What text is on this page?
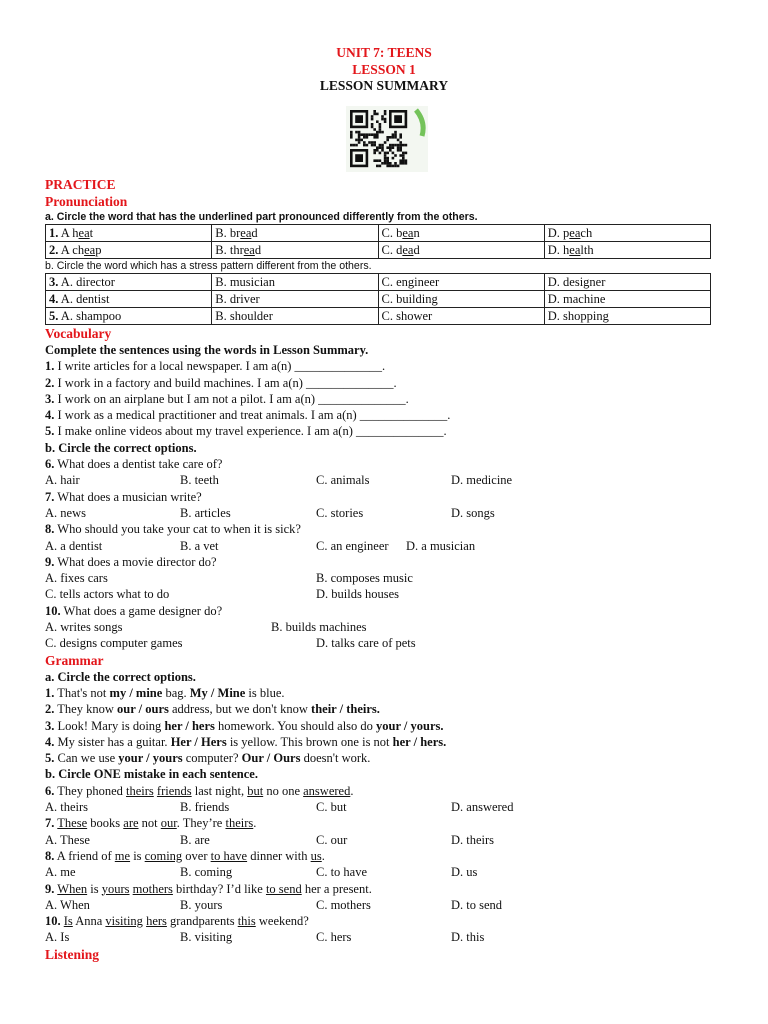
UNIT 7: TEENS
LESSON 1
LESSON SUMMARY
PRACTICE
Pronunciation
a. Circle the word that has the underlined part pronounced differently from the others.
1. A heat	B. bread	C. bean	D. peach
2. A cheap	B. thread	C. dead	D. health
b. Circle the word which has a stress pattern different from the others.
3. A. director	B. musician	C. engineer	D. designer
4. A. dentist	B. driver	C. building	D. machine
5. A. shampoo	B. shoulder	C. shower	D. shopping
Vocabulary
Complete the sentences using the words in Lesson Summary.
1. I write articles for a local newspaper. I am a(n) ______________.
2. I work in a factory and build machines. I am a(n) ______________.
3. I work on an airplane but I am not a pilot. I am a(n) ______________.
4. I work as a medical practitioner and treat animals. I am a(n) ______________.
5. I make online videos about my travel experience. I am a(n) ______________.
b. Circle the correct options.
6. What does a dentist take care of?
A. hair	B. teeth	C. animals	D. medicine
7. What does a musician write?
A. news	B. articles	C. stories	D. songs
8. Who should you take your cat to when it is sick?
A. a dentist	B. a vet	C. an engineer D. a musician
9. What does a movie director do?
A. fixes cars	B. composes music
C. tells actors what to do	D. builds houses
10. What does a game designer do?
A. writes songs	B. builds machines
C. designs computer games	D. talks care of pets
Grammar
a. Circle the correct options.
1. That's not my / mine bag. My / Mine is blue.
2. They know our / ours address, but we don't know their / theirs.
3. Look! Mary is doing her / hers homework. You should also do your / yours.
4. My sister has a guitar. Her / Hers is yellow. This brown one is not her / hers.
5. Can we use your / yours computer? Our / Ours doesn't work.
b. Circle ONE mistake in each sentence.
6. They phoned theirs friends last night, but no one answered.
A. theirs	B. friends	C. but	D. answered
7. These books are not our. They’re theirs.
A. These	B. are	C. our	D. theirs
8. A friend of me is coming over to have dinner with us.
A. me	B. coming	C. to have	D. us
9. When is yours mothers birthday? I’d like to send her a present.
A. When	B. yours	C. mothers	D. to send
10. Is Anna visiting hers grandparents this weekend?
A. Is	B. visiting	C. hers	D. this
Listening
